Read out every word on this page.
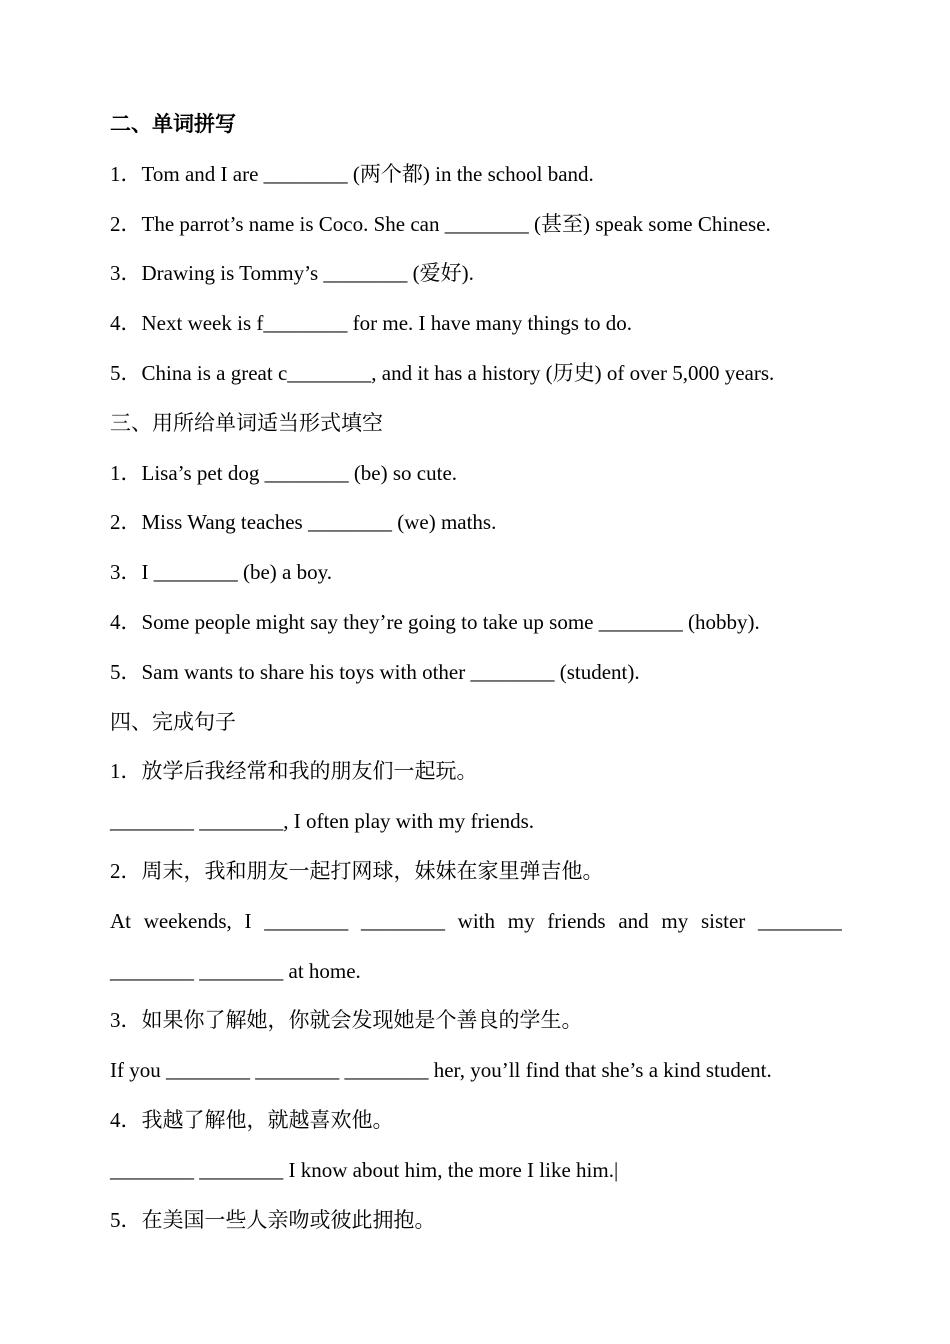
二、单词拼写
1．Tom and I are ________ (两个都) in the school band.
2．The parrot’s name is Coco. She can ________ (甚至) speak some Chinese.
3．Drawing is Tommy’s ________ (爱好).
4．Next week is f________ for me. I have many things to do.
5．China is a great c________, and it has a history (历史) of over 5,000 years.
三、用所给单词适当形式填空
1．Lisa’s pet dog ________ (be) so cute.
2．Miss Wang teaches ________ (we) maths.
3．I ________ (be) a boy.
4．Some people might say they’re going to take up some ________ (hobby).
5．Sam wants to share his toys with other ________ (student).
四、完成句子
1．放学后我经常和我的朋友们一起玩。
________ ________, I often play with my friends.
2．周末，我和朋友一起打网球，妹妹在家里弹吉他。
At weekends, I ________ ________ with my friends and my sister ________
________ ________ at home.
3．如果你了解她，你就会发现她是个善良的学生。
If you ________ ________ ________ her, you’ll find that she’s a kind student.
4．我越了解他，就越喜欢他。
________ ________ I know about him, the more I like him.|
5．在美国一些人亲吻或彼此拥抱。
